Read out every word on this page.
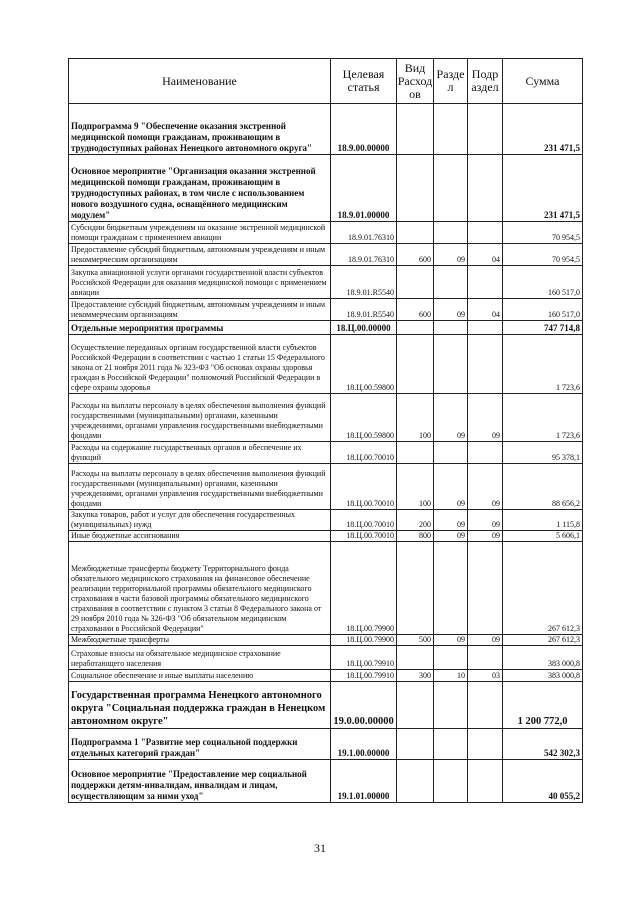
Наименование	Целевая статья	Вид Расход ов	Разде л	Подр аздел	Сумма
Подпрограмма 9 "Обеспечение оказания экстренной медицинской помощи гражданам, проживающим в труднодоступных районах Ненецкого автономного округа"	18.9.00.00000				231 471,5
Основное мероприятие "Организация оказания экстренной медицинской помощи гражданам, проживающим в труднодоступных районах, в том числе с использованием нового воздушного судна, оснащённого медицинским модулем"	18.9.01.00000				231 471,5
Субсидии бюджетным учреждениям на оказание экстренной медицинской помощи гражданам с применением авиации	18.9.01.76310				70 954,5
Предоставление субсидий бюджетным, автономным учреждениям и иным некоммерческим организациям	18.9.01.76310	600	09	04	70 954,5
Закупка авиационной услуги органами государственной власти субъектов Российской Федерации для оказания медицинской помощи с применением авиации	18.9.01.R5540				160 517,0
Предоставление субсидий бюджетным, автономным учреждениям и иным некоммерческим организациям	18.9.01.R5540	600	09	04	160 517,0
Отдельные мероприятия программы	18.Ц.00.00000				747 714,8
Осуществление переданных органам государственной власти субъектов Российской Федерации в соответствии с частью 1 статьи 15 Федерального закона от 21 ноября 2011 года № 323-ФЗ "Об основах охраны здоровья граждан в Российской Федерации" полномочий Российской Федерации в сфере охраны здоровья	18.Ц.00.59800				1 723,6
Расходы на выплаты персоналу в целях обеспечения выполнения функций государственными (муниципальными) органами, казенными учреждениями, органами управления государственными внебюджетными фондами	18.Ц.00.59800	100	09	09	1 723,6
Расходы на содержание государственных органов и обеспечение их функций	18.Ц.00.70010				95 378,1
Расходы на выплаты персоналу в целях обеспечения выполнения функций государственными (муниципальными) органами, казенными учреждениями, органами управления государственными внебюджетными фондами	18.Ц.00.70010	100	09	09	88 656,2
Закупка товаров, работ и услуг для обеспечения государственных (муниципальных) нужд	18.Ц.00.70010	200	09	09	1 115,8
Иные бюджетные ассигнования	18.Ц.00.70010	800	09	09	5 606,1
Межбюджетные трансферты бюджету Территориального фонда обязательного медицинского страхования на финансовое обеспечение реализации территориальной программы обязательного медицинского страхования в части базовой программы обязательного медицинского страхования в соответствии с пунктом 3 статьи 8 Федерального закона от 29 ноября 2010 года № 326-ФЗ "Об обязательном медицинском страховании в Российской Федерации"	18.Ц.00.79900				267 612,3
Межбюджетные трансферты	18.Ц.00.79900	500	09	09	267 612,3
Страховые взносы на обязательное медицинское страхование неработающего населения	18.Ц.00.79910				383 000,8
Социальное обеспечение и иные выплаты населению	18.Ц.00.79910	300	10	03	383 000,8
Государственная программа Ненецкого автономного округа "Социальная поддержка граждан в Ненецком автономном округе"	19.0.00.00000				1 200 772,0
Подпрограмма 1 "Развитие мер социальной поддержки отдельных категорий граждан"	19.1.00.00000				542 302,3
Основное мероприятие "Предоставление мер социальной поддержки детям-инвалидам, инвалидам и лицам, осуществляющим за ними уход"	19.1.01.00000				40 055,2
31
